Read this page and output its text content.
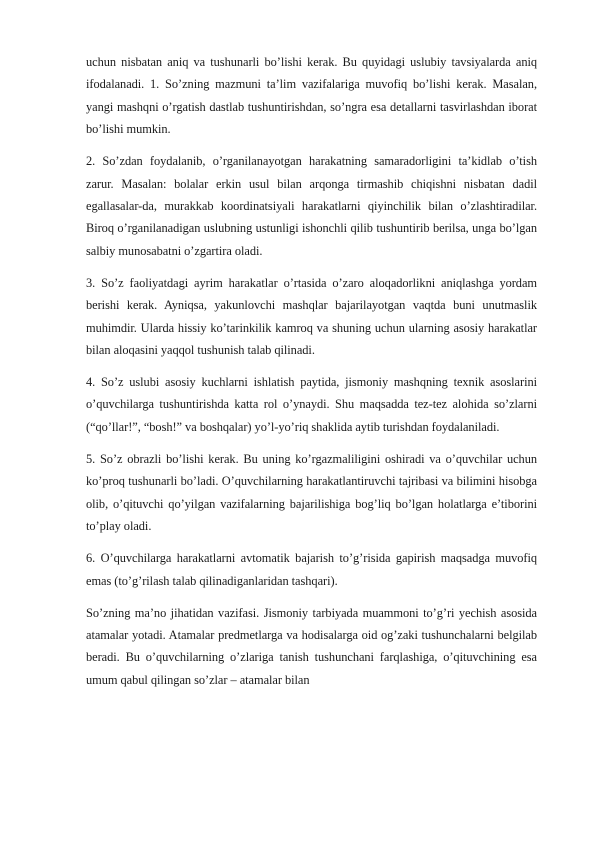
uchun nisbatan aniq va tushunarli bo’lishi kerak. Bu quyidagi uslubiy tavsiyalarda aniq ifodalanadi. 1. So’zning mazmuni ta’lim vazifalariga muvofiq bo’lishi kerak. Masalan, yangi mashqni o’rgatish dastlab tushuntirishdan, so’ngra esa detallarni tasvirlashdan iborat bo’lishi mumkin.

2. So’zdan foydalanib, o’rganilanayotgan harakatning samaradorligini ta’kidlab o’tish zarur. Masalan: bolalar erkin usul bilan arqonga tirmashib chiqishni nisbatan dadil egallasalar-da, murakkab koordinatsiyali harakatlarni qiyinchilik bilan o’zlashtiradilar. Biroq o’rganilanadigan uslubning ustunligi ishonchli qilib tushuntirib berilsa, unga bo’lgan salbiy munosabatni o’zgartira oladi.

3. So’z faoliyatdagi ayrim harakatlar o’rtasida o’zaro aloqadorlikni aniqlashga yordam berishi kerak. Ayniqsa, yakunlovchi mashqlar bajarilayotgan vaqtda buni unutmaslik muhimdir. Ularda hissiy ko’tarinkilik kamroq va shuning uchun ularning asosiy harakatlar bilan aloqasini yaqqol tushunish talab qilinadi.

4. So’z uslubi asosiy kuchlarni ishlatish paytida, jismoniy mashqning texnik asoslarini o’quvchilarga tushuntirishda katta rol o’ynaydi. Shu maqsadda tez-tez alohida so’zlarni (“qo’llar!”, “bosh!” va boshqalar) yo’l-yo’riq shaklida aytib turishdan foydalaniladi.

5. So’z obrazli bo’lishi kerak. Bu uning ko’rgazmaliligini oshiradi va o’quvchilar uchun ko’proq tushunarli bo’ladi. O’quvchilarning harakatlantiruvchi tajribasi va bilimini hisobga olib, o’qituvchi qo’yilgan vazifalarning bajarilishiga bog’liq bo’lgan holatlarga e’tiborini to’play oladi.

6. O’quvchilarga harakatlarni avtomatik bajarish to’g’risida gapirish maqsadga muvofiq emas (to’g’rilash talab qilinadiganlaridan tashqari).

So’zning ma’no jihatidan vazifasi. Jismoniy tarbiyada muammoni to’g’ri yechish asosida atamalar yotadi. Atamalar predmetlarga va hodisalarga oid og’zaki tushunchalarni belgilab beradi. Bu o’quvchilarning o’zlariga tanish tushunchani farqlashiga, o’qituvchining esa umum qabul qilingan so’zlar – atamalar bilan
